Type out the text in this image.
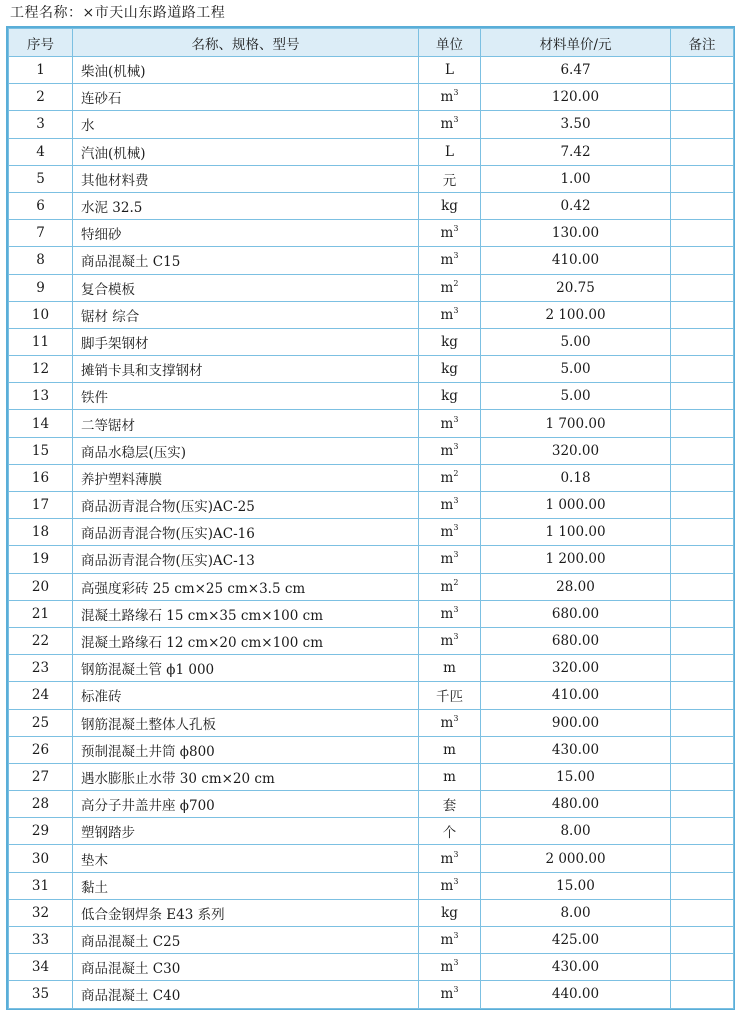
工程名称：×市天山东路道路工程
序号	名称、规格、型号	单位	材料单价/元	备注
1	柴油(机械)	L	6.47	
2	连砂石	$m^3$	120.00	
3	水	$m^3$	3.50	
4	汽油(机械)	L	7.42	
5	其他材料费	元	1.00	
6	水泥 32.5	kg	0.42	
7	特细砂	$m^3$	130.00	
8	商品混凝土 C15	$m^3$	410.00	
9	复合模板	$m^2$	20.75	
10	锯材 综合	$m^3$	2 100.00	
11	脚手架钢材	kg	5.00	
12	摊销卡具和支撑钢材	kg	5.00	
13	铁件	kg	5.00	
14	二等锯材	$m^3$	1 700.00	
15	商品水稳层(压实)	$m^3$	320.00	
16	养护塑料薄膜	$m^2$	0.18	
17	商品沥青混合物(压实)AC-25	$m^3$	1 000.00	
18	商品沥青混合物(压实)AC-16	$m^3$	1 100.00	
19	商品沥青混合物(压实)AC-13	$m^3$	1 200.00	
20	高强度彩砖 25 cm×25 cm×3.5 cm	$m^2$	28.00	
21	混凝土路缘石 15 cm×35 cm×100 cm	$m^3$	680.00	
22	混凝土路缘石 12 cm×20 cm×100 cm	$m^3$	680.00	
23	钢筋混凝土管 ϕ1 000	m	320.00	
24	标准砖	千匹	410.00	
25	钢筋混凝土整体人孔板	$m^3$	900.00	
26	预制混凝土井筒 ϕ800	m	430.00	
27	遇水膨胀止水带 30 cm×20 cm	m	15.00	
28	高分子井盖井座 ϕ700	套	480.00	
29	塑钢踏步	个	8.00	
30	垫木	$m^3$	2 000.00	
31	黏土	$m^3$	15.00	
32	低合金钢焊条 E43 系列	kg	8.00	
33	商品混凝土 C25	$m^3$	425.00	
34	商品混凝土 C30	$m^3$	430.00	
35	商品混凝土 C40	$m^3$	440.00	
